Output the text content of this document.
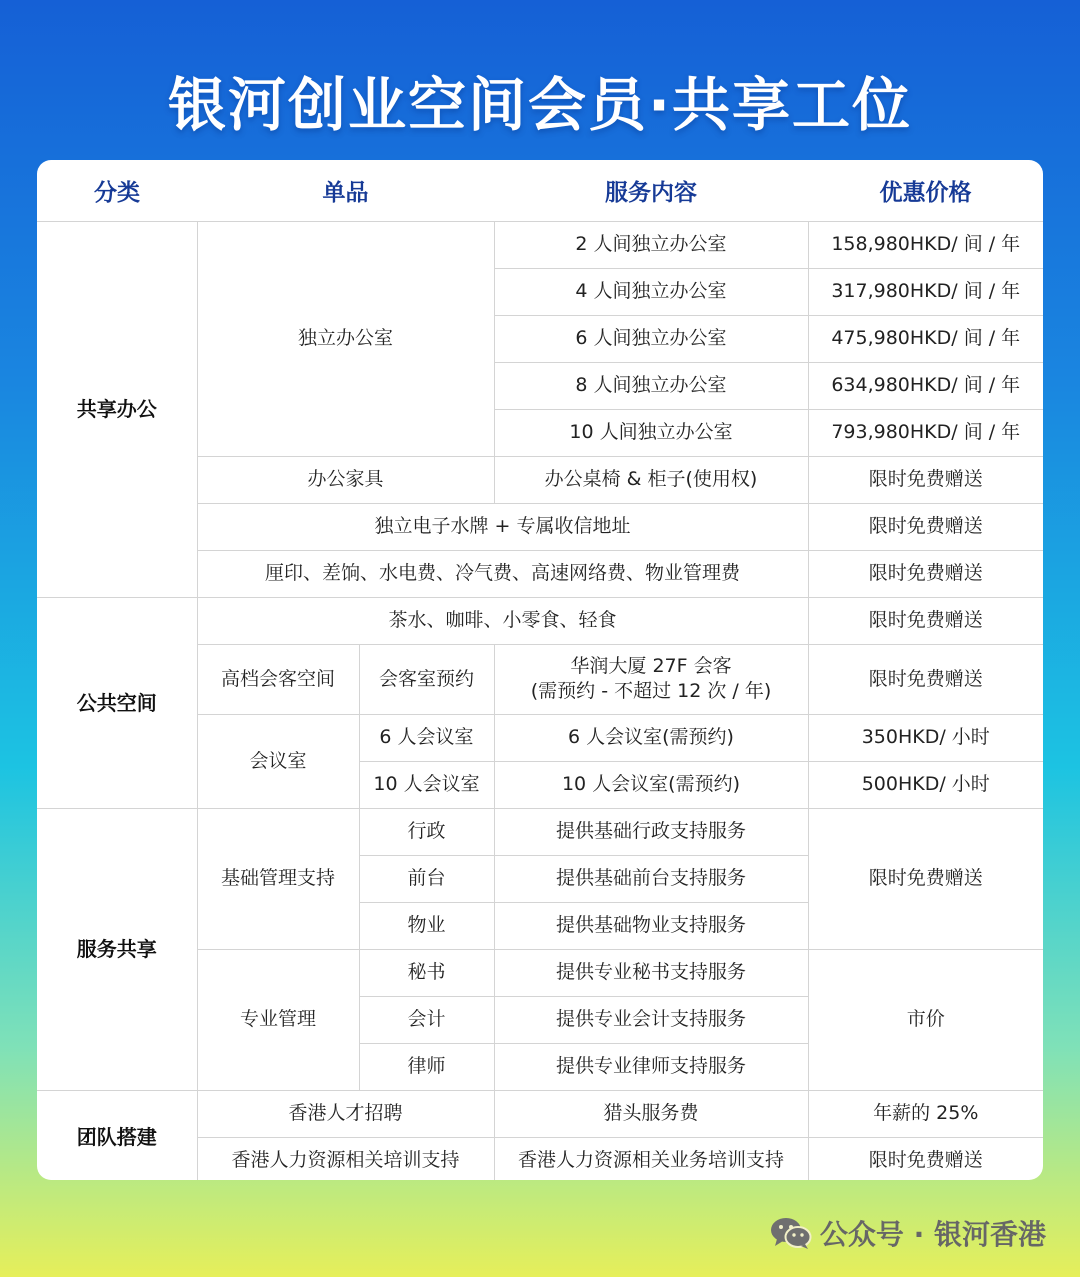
银河创业空间会员·共享工位
分类	单品		服务内容	优惠价格
共享办公	独立办公室		2 人间独立办公室	158,980HKD/ 间 / 年
			4 人间独立办公室	317,980HKD/ 间 / 年
			6 人间独立办公室	475,980HKD/ 间 / 年
			8 人间独立办公室	634,980HKD/ 间 / 年
			10 人间独立办公室	793,980HKD/ 间 / 年
	办公家具		办公桌椅 & 柜子(使用权)	限时免费赠送
	独立电子水牌 + 专属收信地址			限时免费赠送
	厘印、差饷、水电费、冷气费、高速网络费、物业管理费			限时免费赠送
公共空间	茶水、咖啡、小零食、轻食			限时免费赠送
	高档会客空间	会客室预约	华润大厦 27F 会客
(需预约 - 不超过 12 次 / 年)	限时免费赠送
	会议室	6 人会议室	6 人会议室(需预约)	350HKD/ 小时
		10 人会议室	10 人会议室(需预约)	500HKD/ 小时
服务共享	基础管理支持	行政	提供基础行政支持服务	限时免费赠送
		前台	提供基础前台支持服务	
		物业	提供基础物业支持服务	
	专业管理	秘书	提供专业秘书支持服务	市价
		会计	提供专业会计支持服务	
		律师	提供专业律师支持服务	
团队搭建	香港人才招聘		猎头服务费	年薪的 25%
	香港人力资源相关培训支持		香港人力资源相关业务培训支持	限时免费赠送
公众号 · 银河香港
